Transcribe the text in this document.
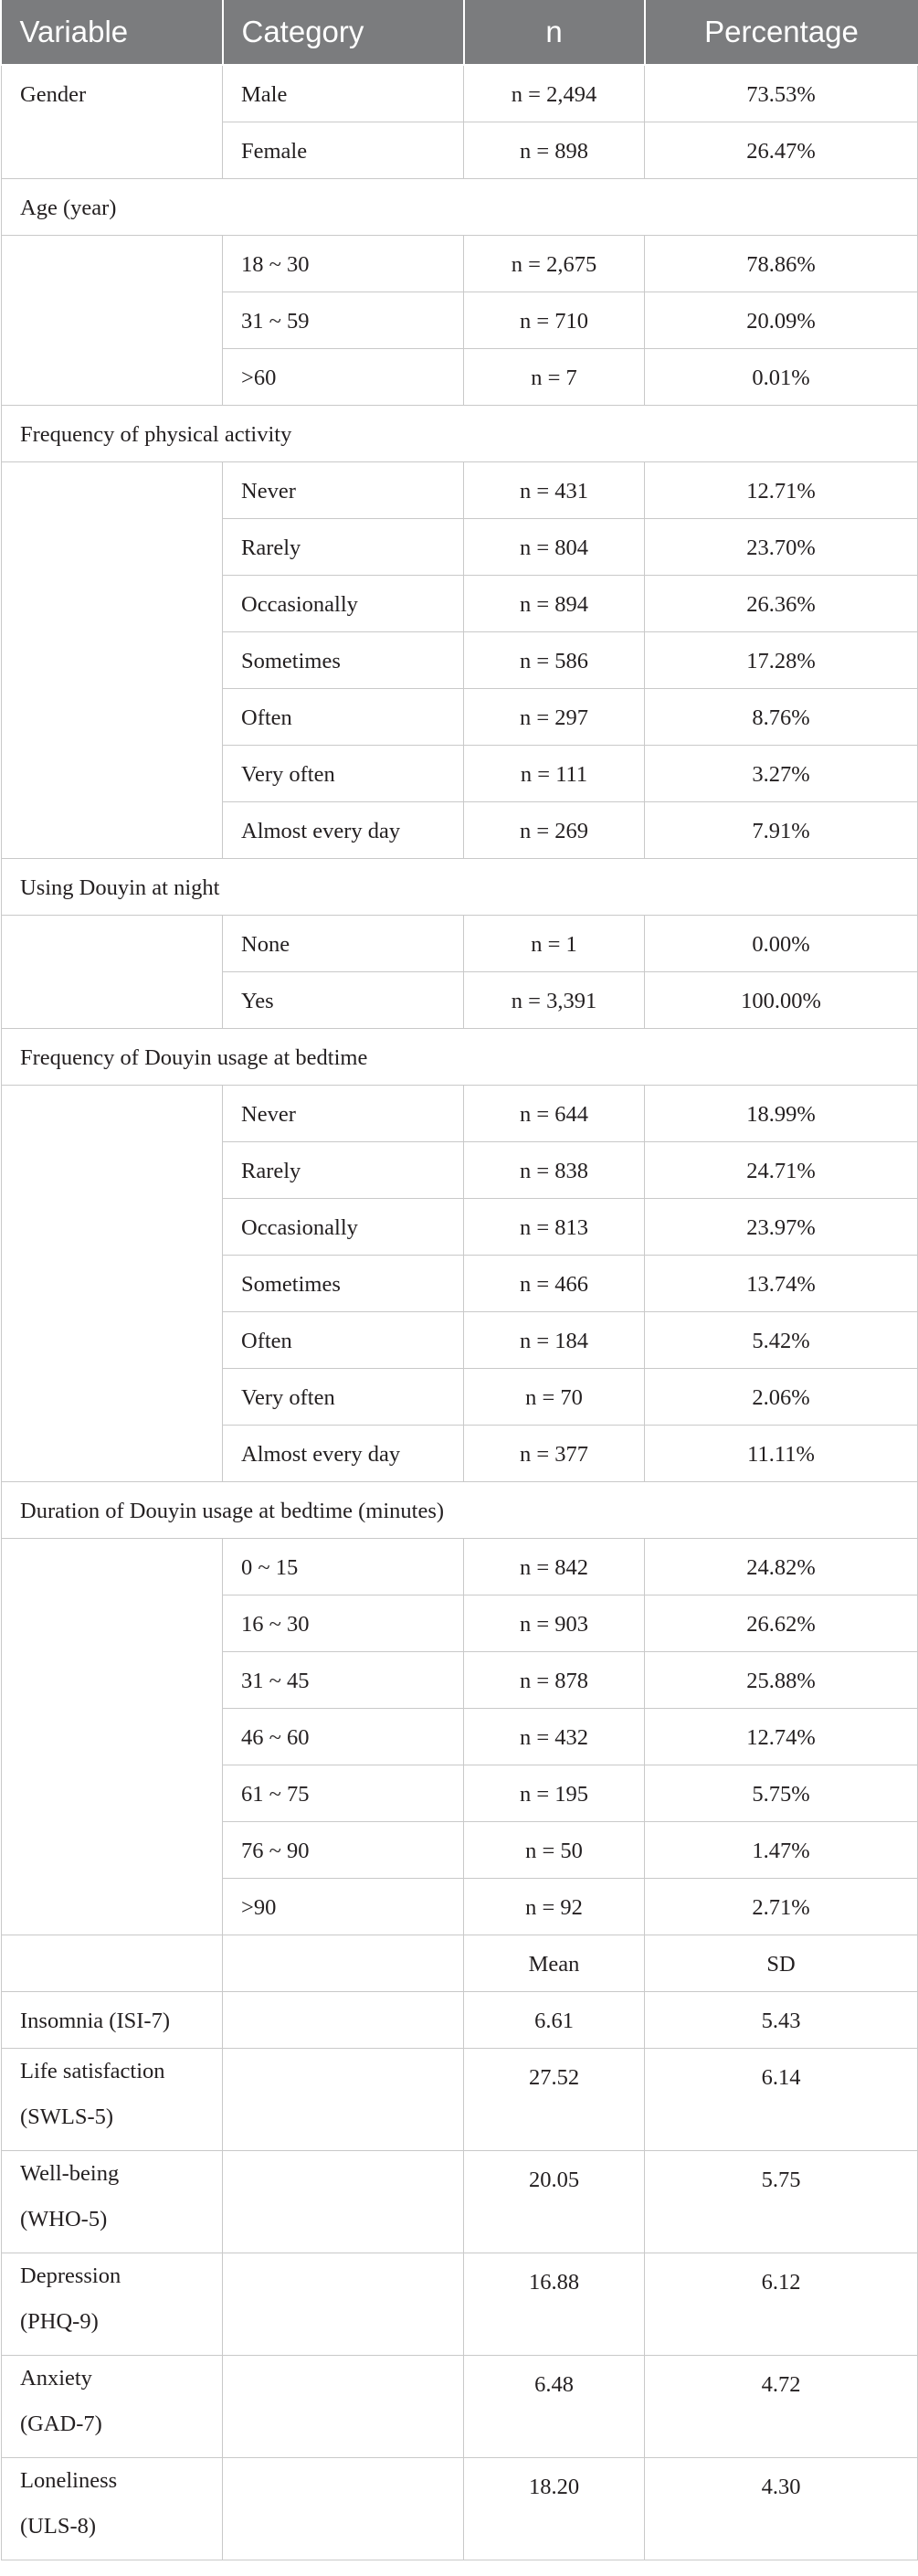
Variable	Category	n	Percentage
Gender	Male	n = 2,494	73.53%
	Female	n = 898	26.47%
Age (year)			
	18 ~ 30	n = 2,675	78.86%
	31 ~ 59	n = 710	20.09%
	>60	n = 7	0.01%
Frequency of physical activity			
	Never	n = 431	12.71%
	Rarely	n = 804	23.70%
	Occasionally	n = 894	26.36%
	Sometimes	n = 586	17.28%
	Often	n = 297	8.76%
	Very often	n = 111	3.27%
	Almost every day	n = 269	7.91%
Using Douyin at night			
	None	n = 1	0.00%
	Yes	n = 3,391	100.00%
Frequency of Douyin usage at bedtime			
	Never	n = 644	18.99%
	Rarely	n = 838	24.71%
	Occasionally	n = 813	23.97%
	Sometimes	n = 466	13.74%
	Often	n = 184	5.42%
	Very often	n = 70	2.06%
	Almost every day	n = 377	11.11%
Duration of Douyin usage at bedtime (minutes)			
	0 ~ 15	n = 842	24.82%
	16 ~ 30	n = 903	26.62%
	31 ~ 45	n = 878	25.88%
	46 ~ 60	n = 432	12.74%
	61 ~ 75	n = 195	5.75%
	76 ~ 90	n = 50	1.47%
	>90	n = 92	2.71%
		Mean	SD
Insomnia (ISI-7)		6.61	5.43

Life satisfaction
(SWLS-5)		27.52	6.14

Well-being
(WHO-5)		20.05	5.75

Depression
(PHQ-9)		16.88	6.12

Anxiety
(GAD-7)		6.48	4.72

Loneliness
(ULS-8)		18.20	4.30
